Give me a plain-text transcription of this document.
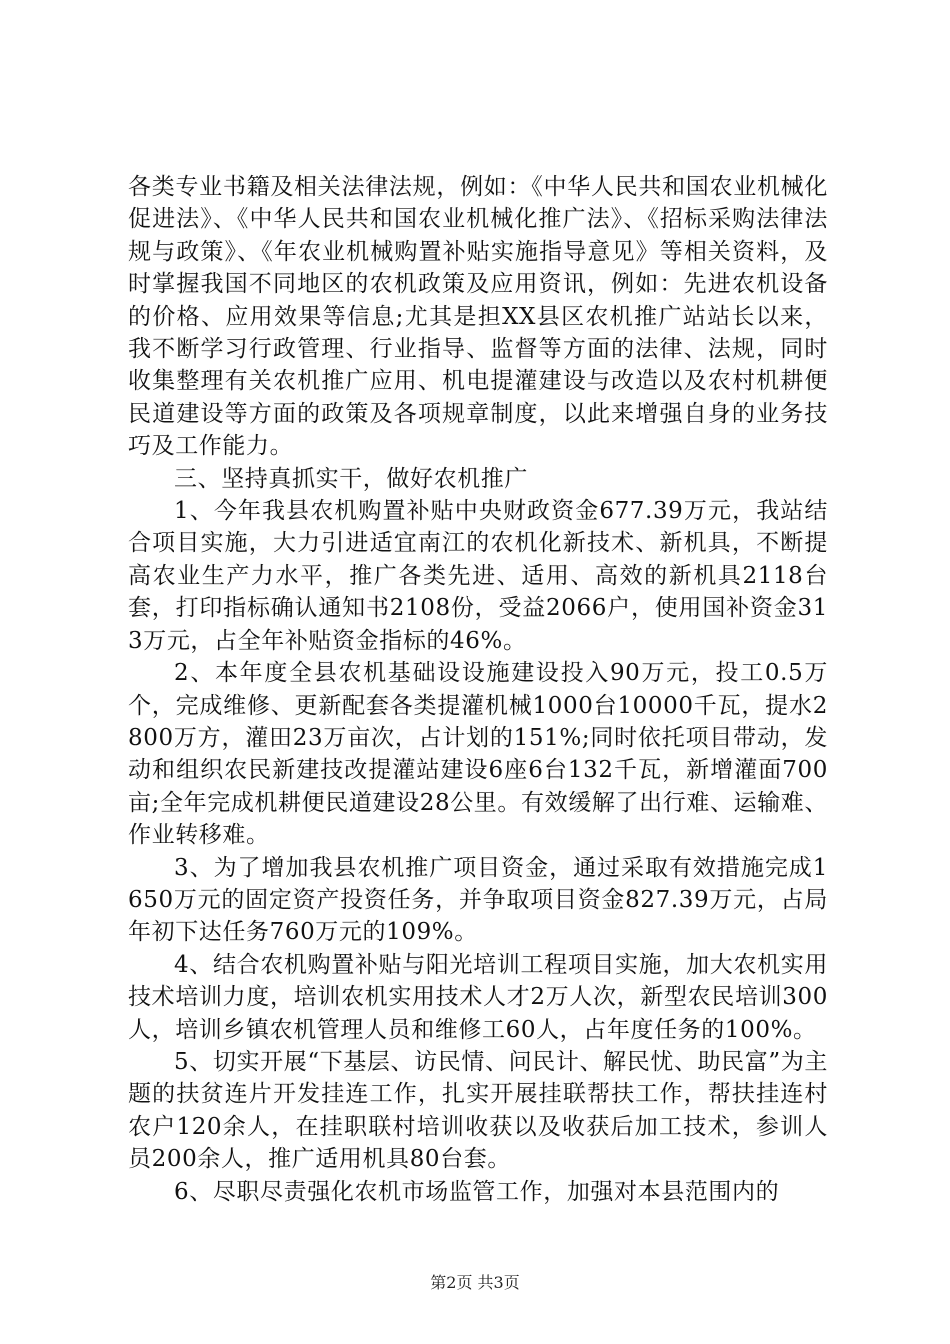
各类专业书籍及相关法律法规，例如：《中华人民共和国农业机械化促进法》、《中华人民共和国农业机械化推广法》、《招标采购法律法规与政策》、《年农业机械购置补贴实施指导意见》等相关资料，及时掌握我国不同地区的农机政策及应用资讯，例如：先进农机设备的价格、应用效果等信息;尤其是担XX县区农机推广站站长以来，我不断学习行政管理、行业指导、监督等方面的法律、法规，同时收集整理有关农机推广应用、机电提灌建设与改造以及农村机耕便民道建设等方面的政策及各项规章制度，以此来增强自身的业务技巧及工作能力。

三、坚持真抓实干，做好农机推广

1、今年我县农机购置补贴中央财政资金677.39万元，我站结合项目实施，大力引进适宜南江的农机化新技术、新机具，不断提高农业生产力水平，推广各类先进、适用、高效的新机具2118台套，打印指标确认通知书2108份，受益2066户，使用国补资金313万元，占全年补贴资金指标的46%。

2、本年度全县农机基础设设施建设投入90万元，投工0.5万个，完成维修、更新配套各类提灌机械1000台10000千瓦，提水2800万方，灌田23万亩次，占计划的151%;同时依托项目带动，发动和组织农民新建技改提灌站建设6座6台132千瓦，新增灌面700亩;全年完成机耕便民道建设28公里。有效缓解了出行难、运输难、作业转移难。

3、为了增加我县农机推广项目资金，通过采取有效措施完成1650万元的固定资产投资任务，并争取项目资金827.39万元，占局年初下达任务760万元的109%。

4、结合农机购置补贴与阳光培训工程项目实施，加大农机实用技术培训力度，培训农机实用技术人才2万人次，新型农民培训300人，培训乡镇农机管理人员和维修工60人，占年度任务的100%。

5、切实开展“下基层、访民情、问民计、解民忧、助民富”为主题的扶贫连片开发挂连工作，扎实开展挂联帮扶工作，帮扶挂连村农户120余人，在挂职联村培训收获以及收获后加工技术，参训人员200余人，推广适用机具80台套。

6、尽职尽责强化农机市场监管工作，加强对本县范围内的

第2页 共3页
